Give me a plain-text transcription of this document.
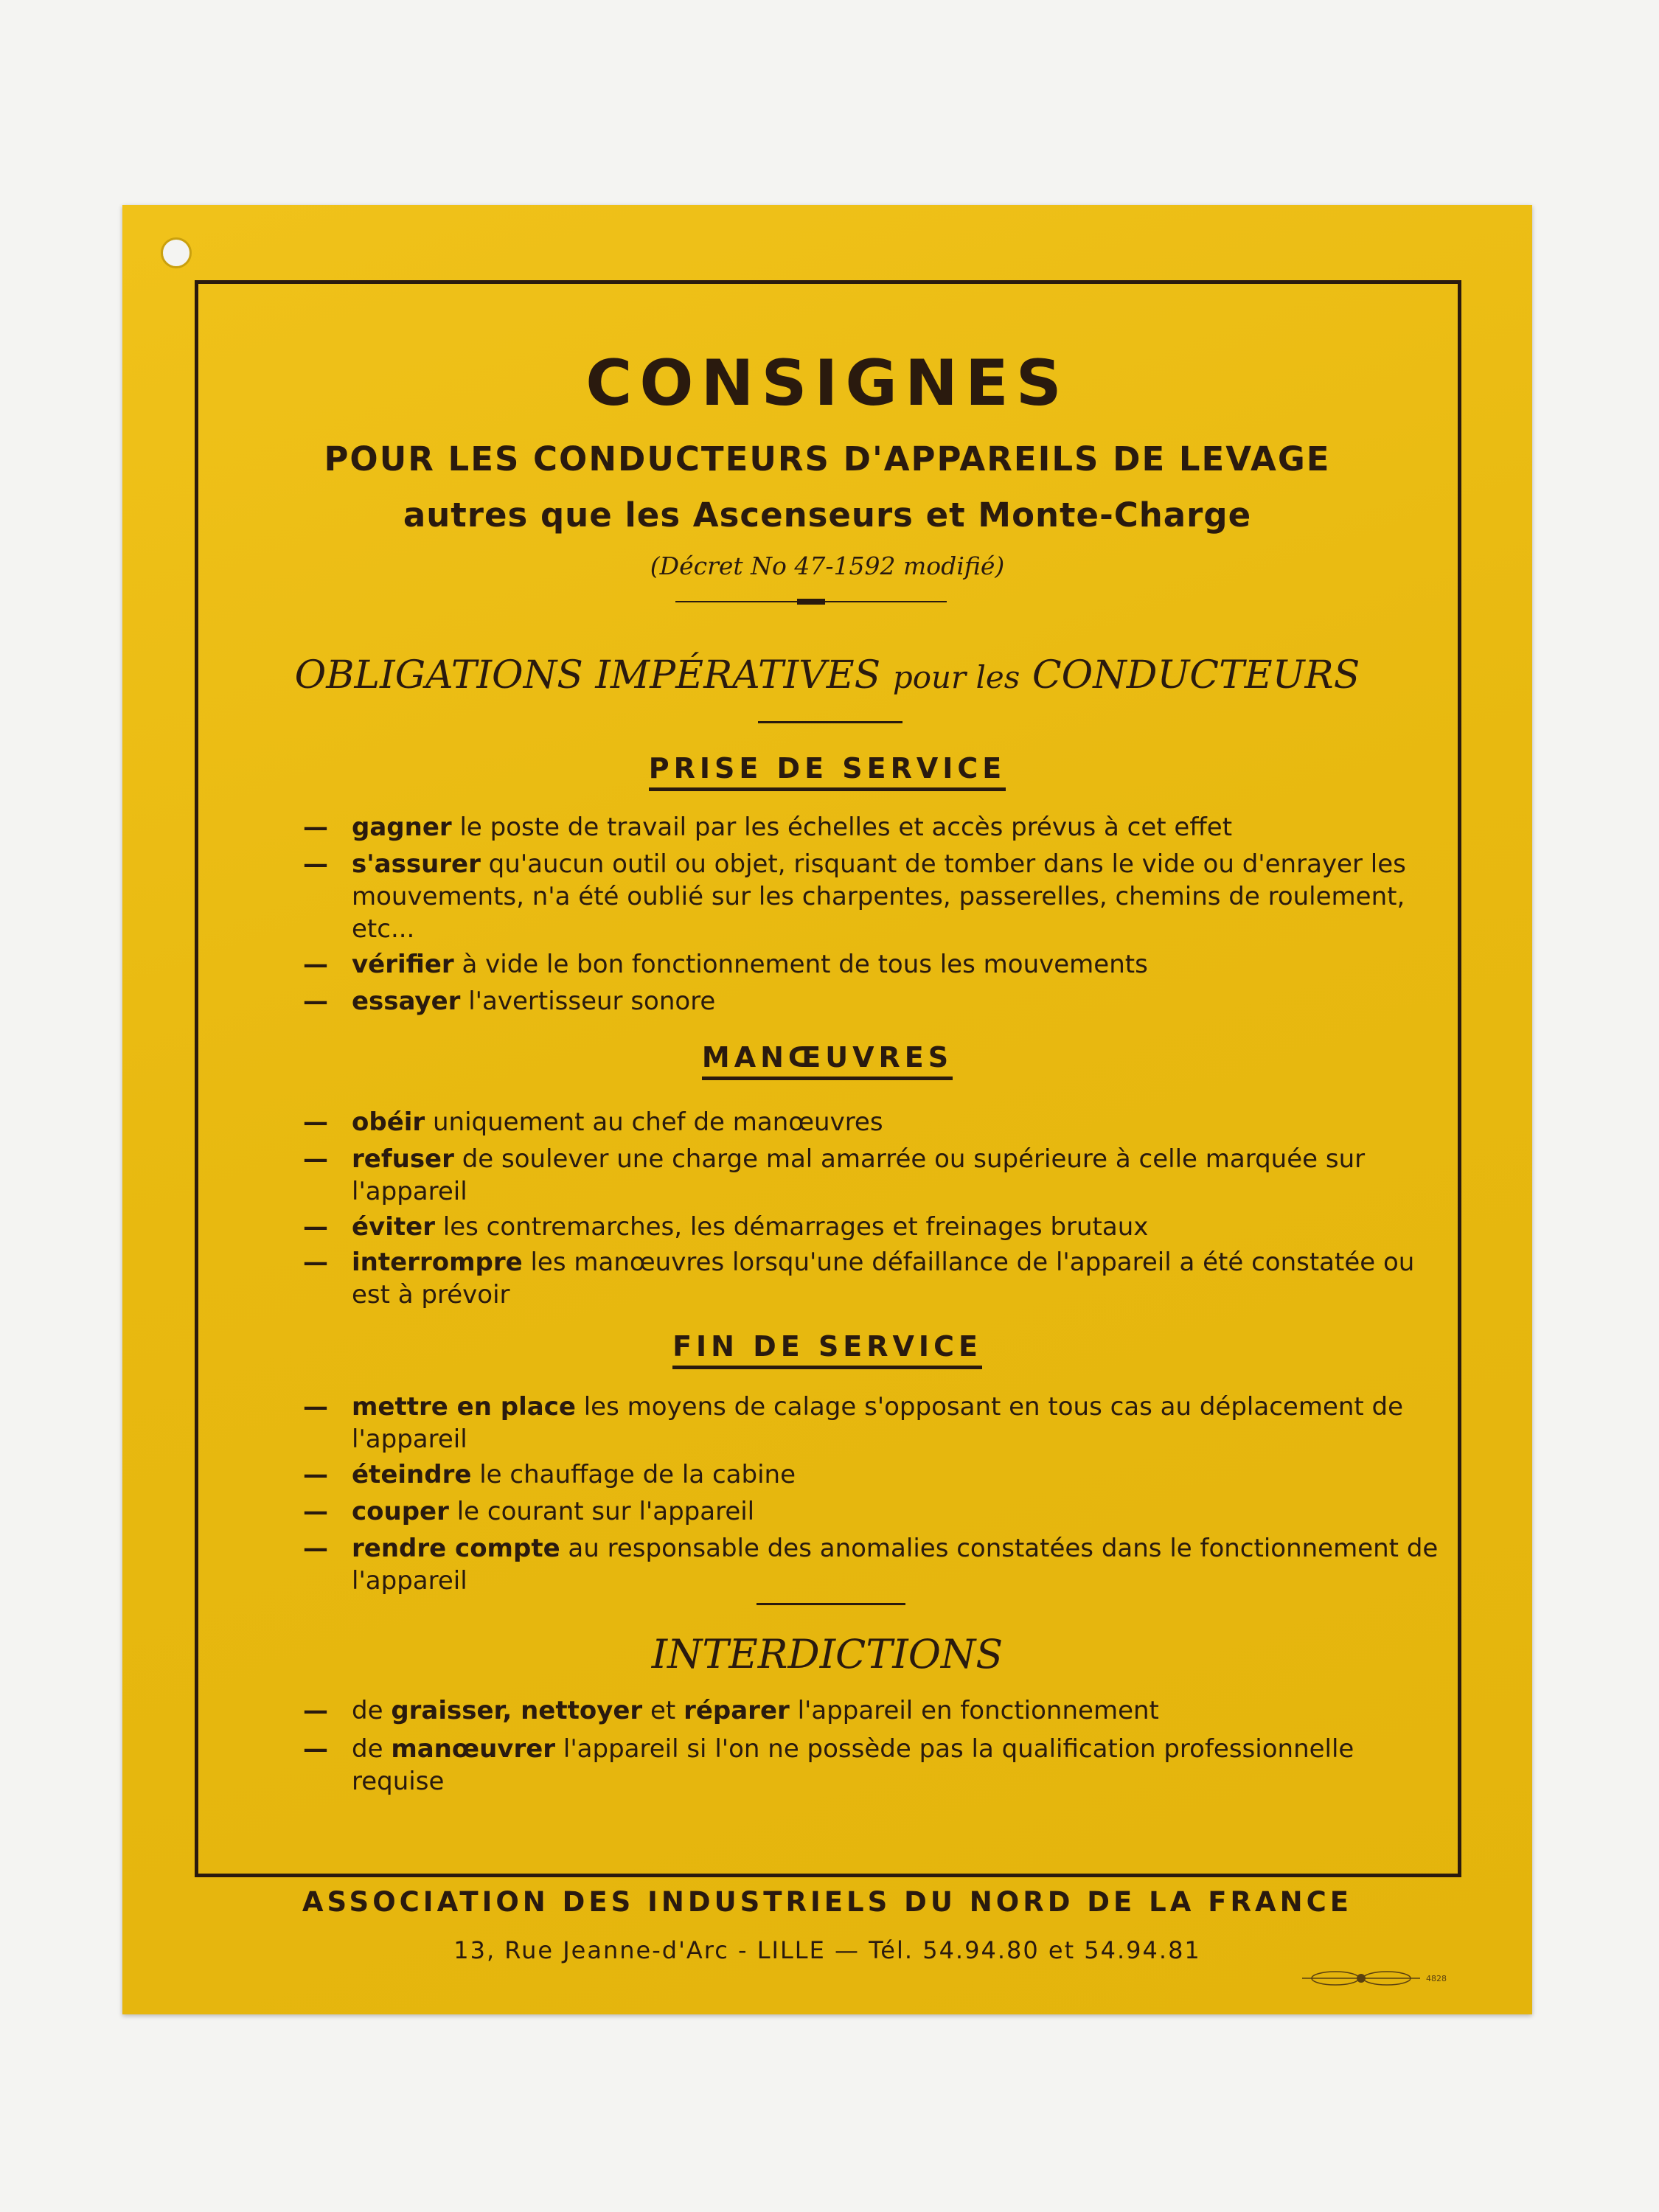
CONSIGNES
POUR LES CONDUCTEURS D'APPAREILS DE LEVAGE
autres que les Ascenseurs et Monte-Charge
(Décret No 47-1592 modifié)
OBLIGATIONS IMPÉRATIVES pour les CONDUCTEURS
PRISE DE SERVICE
— gagner le poste de travail par les échelles et accès prévus à cet effet
— s'assurer qu'aucun outil ou objet, risquant de tomber dans le vide ou d'enrayer les mouvements, n'a été oublié sur les charpentes, passerelles, chemins de roulement, etc...
— vérifier à vide le bon fonctionnement de tous les mouvements
— essayer l'avertisseur sonore
MANŒUVRES
— obéir uniquement au chef de manœuvres
— refuser de soulever une charge mal amarrée ou supérieure à celle marquée sur l'appareil
— éviter les contremarches, les démarrages et freinages brutaux
— interrompre les manœuvres lorsqu'une défaillance de l'appareil a été constatée ou est à prévoir
FIN DE SERVICE
— mettre en place les moyens de calage s'opposant en tous cas au déplacement de l'appareil
— éteindre le chauffage de la cabine
— couper le courant sur l'appareil
— rendre compte au responsable des anomalies constatées dans le fonctionnement de l'appareil
INTERDICTIONS
— de graisser, nettoyer et réparer l'appareil en fonctionnement
— de manœuvrer l'appareil si l'on ne possède pas la qualification professionnelle requise
ASSOCIATION DES INDUSTRIELS DU NORD DE LA FRANCE
13, Rue Jeanne-d'Arc - LILLE — Tél. 54.94.80 et 54.94.81
4828
